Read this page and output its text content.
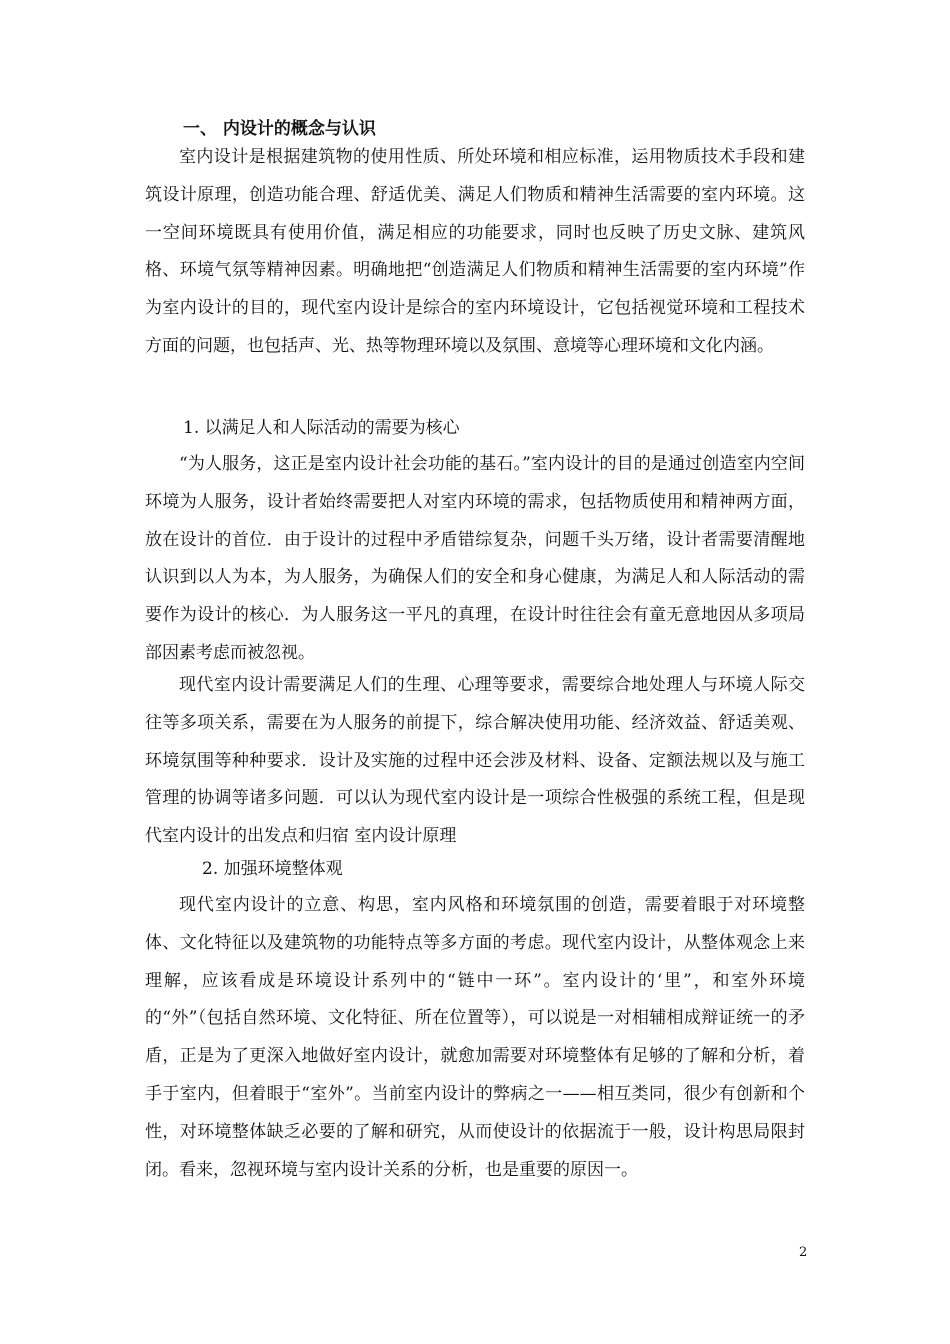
一、 内设计的概念与认识

室内设计是根据建筑物的使用性质、所处环境和相应标准，运用物质技术手段和建筑设计原理，创造功能合理、舒适优美、满足人们物质和精神生活需要的室内环境。这一空间环境既具有使用价值，满足相应的功能要求，同时也反映了历史文脉、建筑风格、环境气氛等精神因素。明确地把“创造满足人们物质和精神生活需要的室内环境”作为室内设计的目的，现代室内设计是综合的室内环境设计，它包括视觉环境和工程技术方面的问题，也包括声、光、热等物理环境以及氛围、意境等心理环境和文化内涵。

1. 以满足人和人际活动的需要为核心

“为人服务，这正是室内设计社会功能的基石。”室内设计的目的是通过创造室内空间环境为人服务，设计者始终需要把人对室内环境的需求，包括物质使用和精神两方面，放在设计的首位．由于设计的过程中矛盾错综复杂，问题千头万绪，设计者需要清醒地认识到以人为本，为人服务，为确保人们的安全和身心健康，为满足人和人际活动的需要作为设计的核心．为人服务这一平凡的真理，在设计时往往会有童无意地因从多项局部因素考虑而被忽视。

现代室内设计需要满足人们的生理、心理等要求，需要综合地处理人与环境人际交往等多项关系，需要在为人服务的前提下，综合解决使用功能、经济效益、舒适美观、环境氛围等种种要求．设计及实施的过程中还会涉及材料、设备、定额法规以及与施工管理的协调等诸多问题．可以认为现代室内设计是一项综合性极强的系统工程，但是现代室内设计的出发点和归宿 室内设计原理

2. 加强环境整体观

现代室内设计的立意、构思，室内风格和环境氛围的创造，需要着眼于对环境整体、文化特征以及建筑物的功能特点等多方面的考虑。现代室内设计，从整体观念上来理解，应该看成是环境设计系列中的“链中一环”。室内设计的‘里”，和室外环境的“外”（包括自然环境、文化特征、所在位置等），可以说是一对相辅相成辩证统一的矛盾，正是为了更深入地做好室内设计，就愈加需要对环境整体有足够的了解和分析，着手于室内，但着眼于“室外”。当前室内设计的弊病之一——相互类同，很少有创新和个性，对环境整体缺乏必要的了解和研究，从而使设计的依据流于一般，设计构思局限封闭。看来，忽视环境与室内设计关系的分析，也是重要的原因一。

2
